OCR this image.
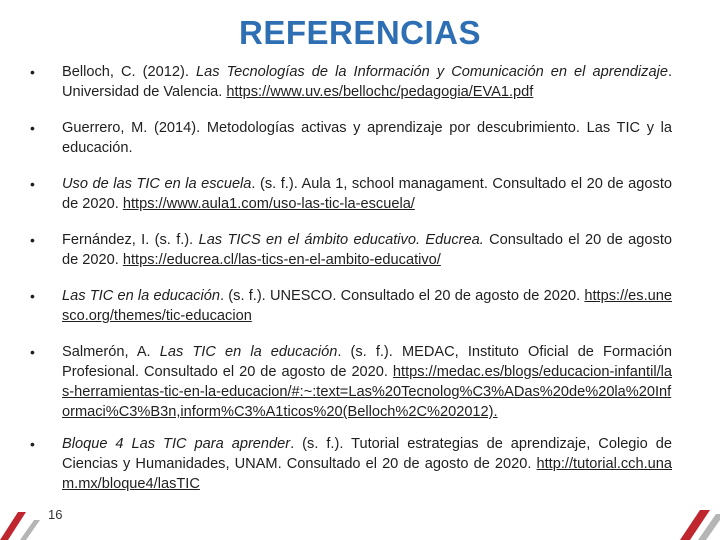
REFERENCIAS
• Belloch, C. (2012). Las Tecnologías de la Información y Comunicación en el aprendizaje. Universidad de Valencia. https://www.uv.es/bellochc/pedagogia/EVA1.pdf
• Guerrero, M. (2014). Metodologías activas y aprendizaje por descubrimiento. Las TIC y la educación.
• Uso de las TIC en la escuela. (s. f.). Aula 1, school managament. Consultado el 20 de agosto de 2020. https://www.aula1.com/uso-las-tic-la-escuela/
• Fernández, I. (s. f.). Las TICS en el ámbito educativo. Educrea. Consultado el 20 de agosto de 2020. https://educrea.cl/las-tics-en-el-ambito-educativo/
• Las TIC en la educación. (s. f.). UNESCO. Consultado el 20 de agosto de 2020. https://es.unesco.org/themes/tic-educacion
• Salmerón, A. Las TIC en la educación. (s. f.). MEDAC, Instituto Oficial de Formación Profesional. Consultado el 20 de agosto de 2020. https://medac.es/blogs/educacion-infantil/las-herramientas-tic-en-la-educacion/#:~:text=Las%20Tecnolog%C3%ADas%20de%20la%20Informaci%C3%B3n,inform%C3%A1ticos%20(Belloch%2C%202012).
• Bloque 4 Las TIC para aprender. (s. f.). Tutorial estrategias de aprendizaje, Colegio de Ciencias y Humanidades, UNAM. Consultado el 20 de agosto de 2020. http://tutorial.cch.unam.mx/bloque4/lasTIC
16
